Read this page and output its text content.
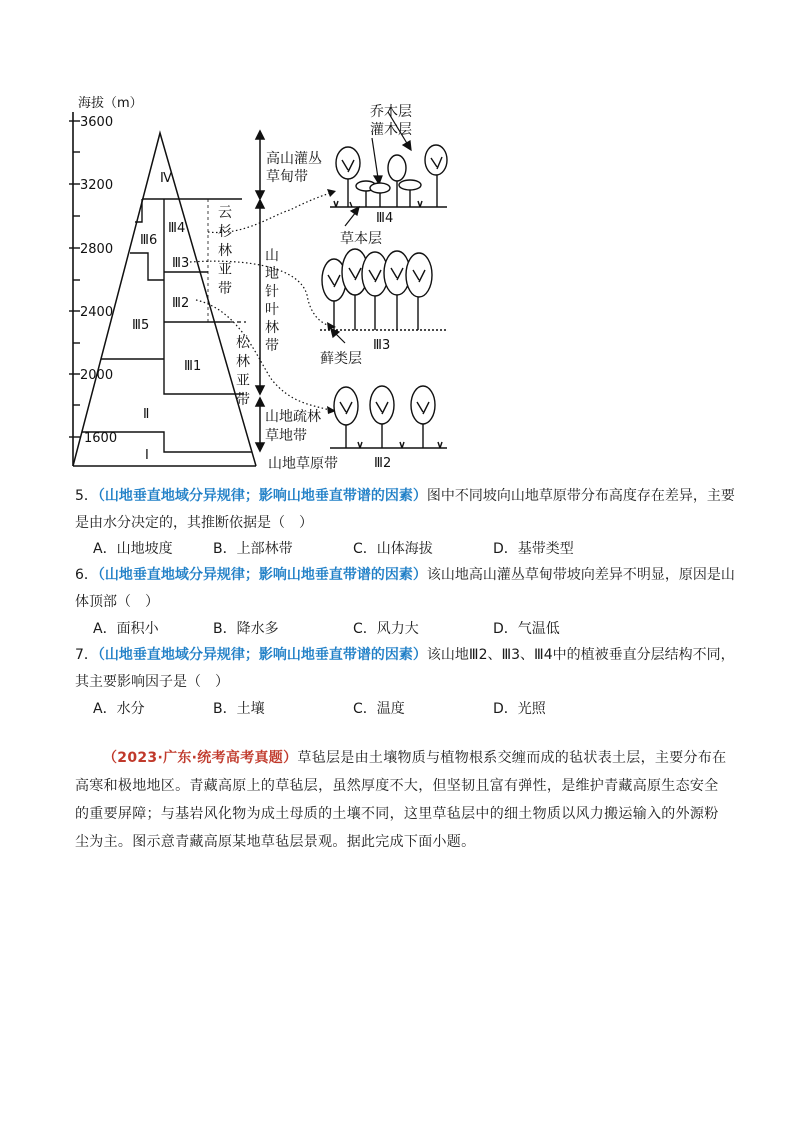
海拔（m）
3600
3200
2800
2400
2000
1600
Ⅳ
Ⅲ4
Ⅲ6
Ⅲ3
Ⅲ2
Ⅲ5
Ⅲ1
Ⅱ
Ⅰ
云
杉
林
亚
带
松
林
亚
带
高山灌丛
草甸带
山地疏林
草地带
山地草原带
山
地
针
叶
林
带
乔木层
灌木层
草本层
藓类层
Ⅲ4
Ⅲ3
Ⅲ2
5．（山地垂直地域分异规律；影响山地垂直带谱的因素）图中不同坡向山地草原带分布高度存在差异，主要是由水分决定的，其推断依据是（　）
A．山地坡度	B．上部林带	C．山体海拔	D．基带类型
6．（山地垂直地域分异规律；影响山地垂直带谱的因素）该山地高山灌丛草甸带坡向差异不明显，原因是山体顶部（　）
A．面积小	B．降水多	C．风力大	D．气温低
7．（山地垂直地域分异规律；影响山地垂直带谱的因素）该山地Ⅲ2、Ⅲ3、Ⅲ4中的植被垂直分层结构不同，其主要影响因子是（　）
A．水分	B．土壤	C．温度	D．光照
（2023·广东·统考高考真题）草毡层是由土壤物质与植物根系交缠而成的毡状表土层，主要分布在高寒和极地地区。青藏高原上的草毡层，虽然厚度不大，但坚韧且富有弹性，是维护青藏高原生态安全的重要屏障；与基岩风化物为成土母质的土壤不同，这里草毡层中的细土物质以风力搬运输入的外源粉尘为主。图示意青藏高原某地草毡层景观。据此完成下面小题。
